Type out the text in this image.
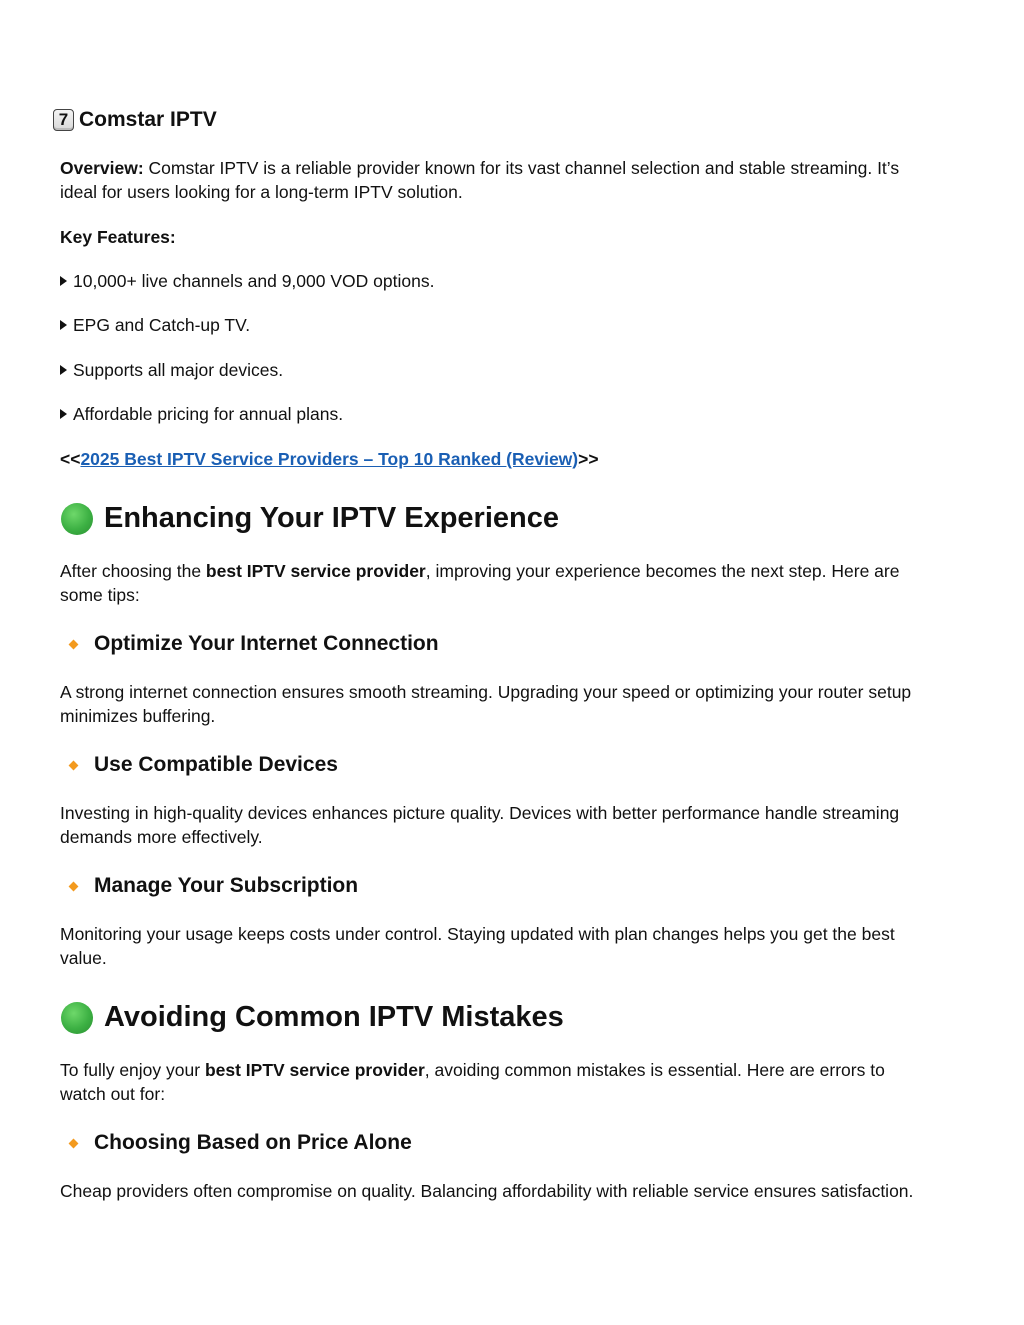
7 Comstar IPTV
Overview: Comstar IPTV is a reliable provider known for its vast channel selection and stable streaming. It’s
ideal for users looking for a long-term IPTV solution.
Key Features:
10,000+ live channels and 9,000 VOD options.
EPG and Catch-up TV.
Supports all major devices.
Affordable pricing for annual plans.
<<2025 Best IPTV Service Providers – Top 10 Ranked (Review)>>
Enhancing Your IPTV Experience
After choosing the best IPTV service provider, improving your experience becomes the next step. Here are
some tips:
Optimize Your Internet Connection
A strong internet connection ensures smooth streaming. Upgrading your speed or optimizing your router setup
minimizes buffering.
Use Compatible Devices
Investing in high-quality devices enhances picture quality. Devices with better performance handle streaming
demands more effectively.
Manage Your Subscription
Monitoring your usage keeps costs under control. Staying updated with plan changes helps you get the best
value.
Avoiding Common IPTV Mistakes
To fully enjoy your best IPTV service provider, avoiding common mistakes is essential. Here are errors to
watch out for:
Choosing Based on Price Alone
Cheap providers often compromise on quality. Balancing affordability with reliable service ensures satisfaction.
